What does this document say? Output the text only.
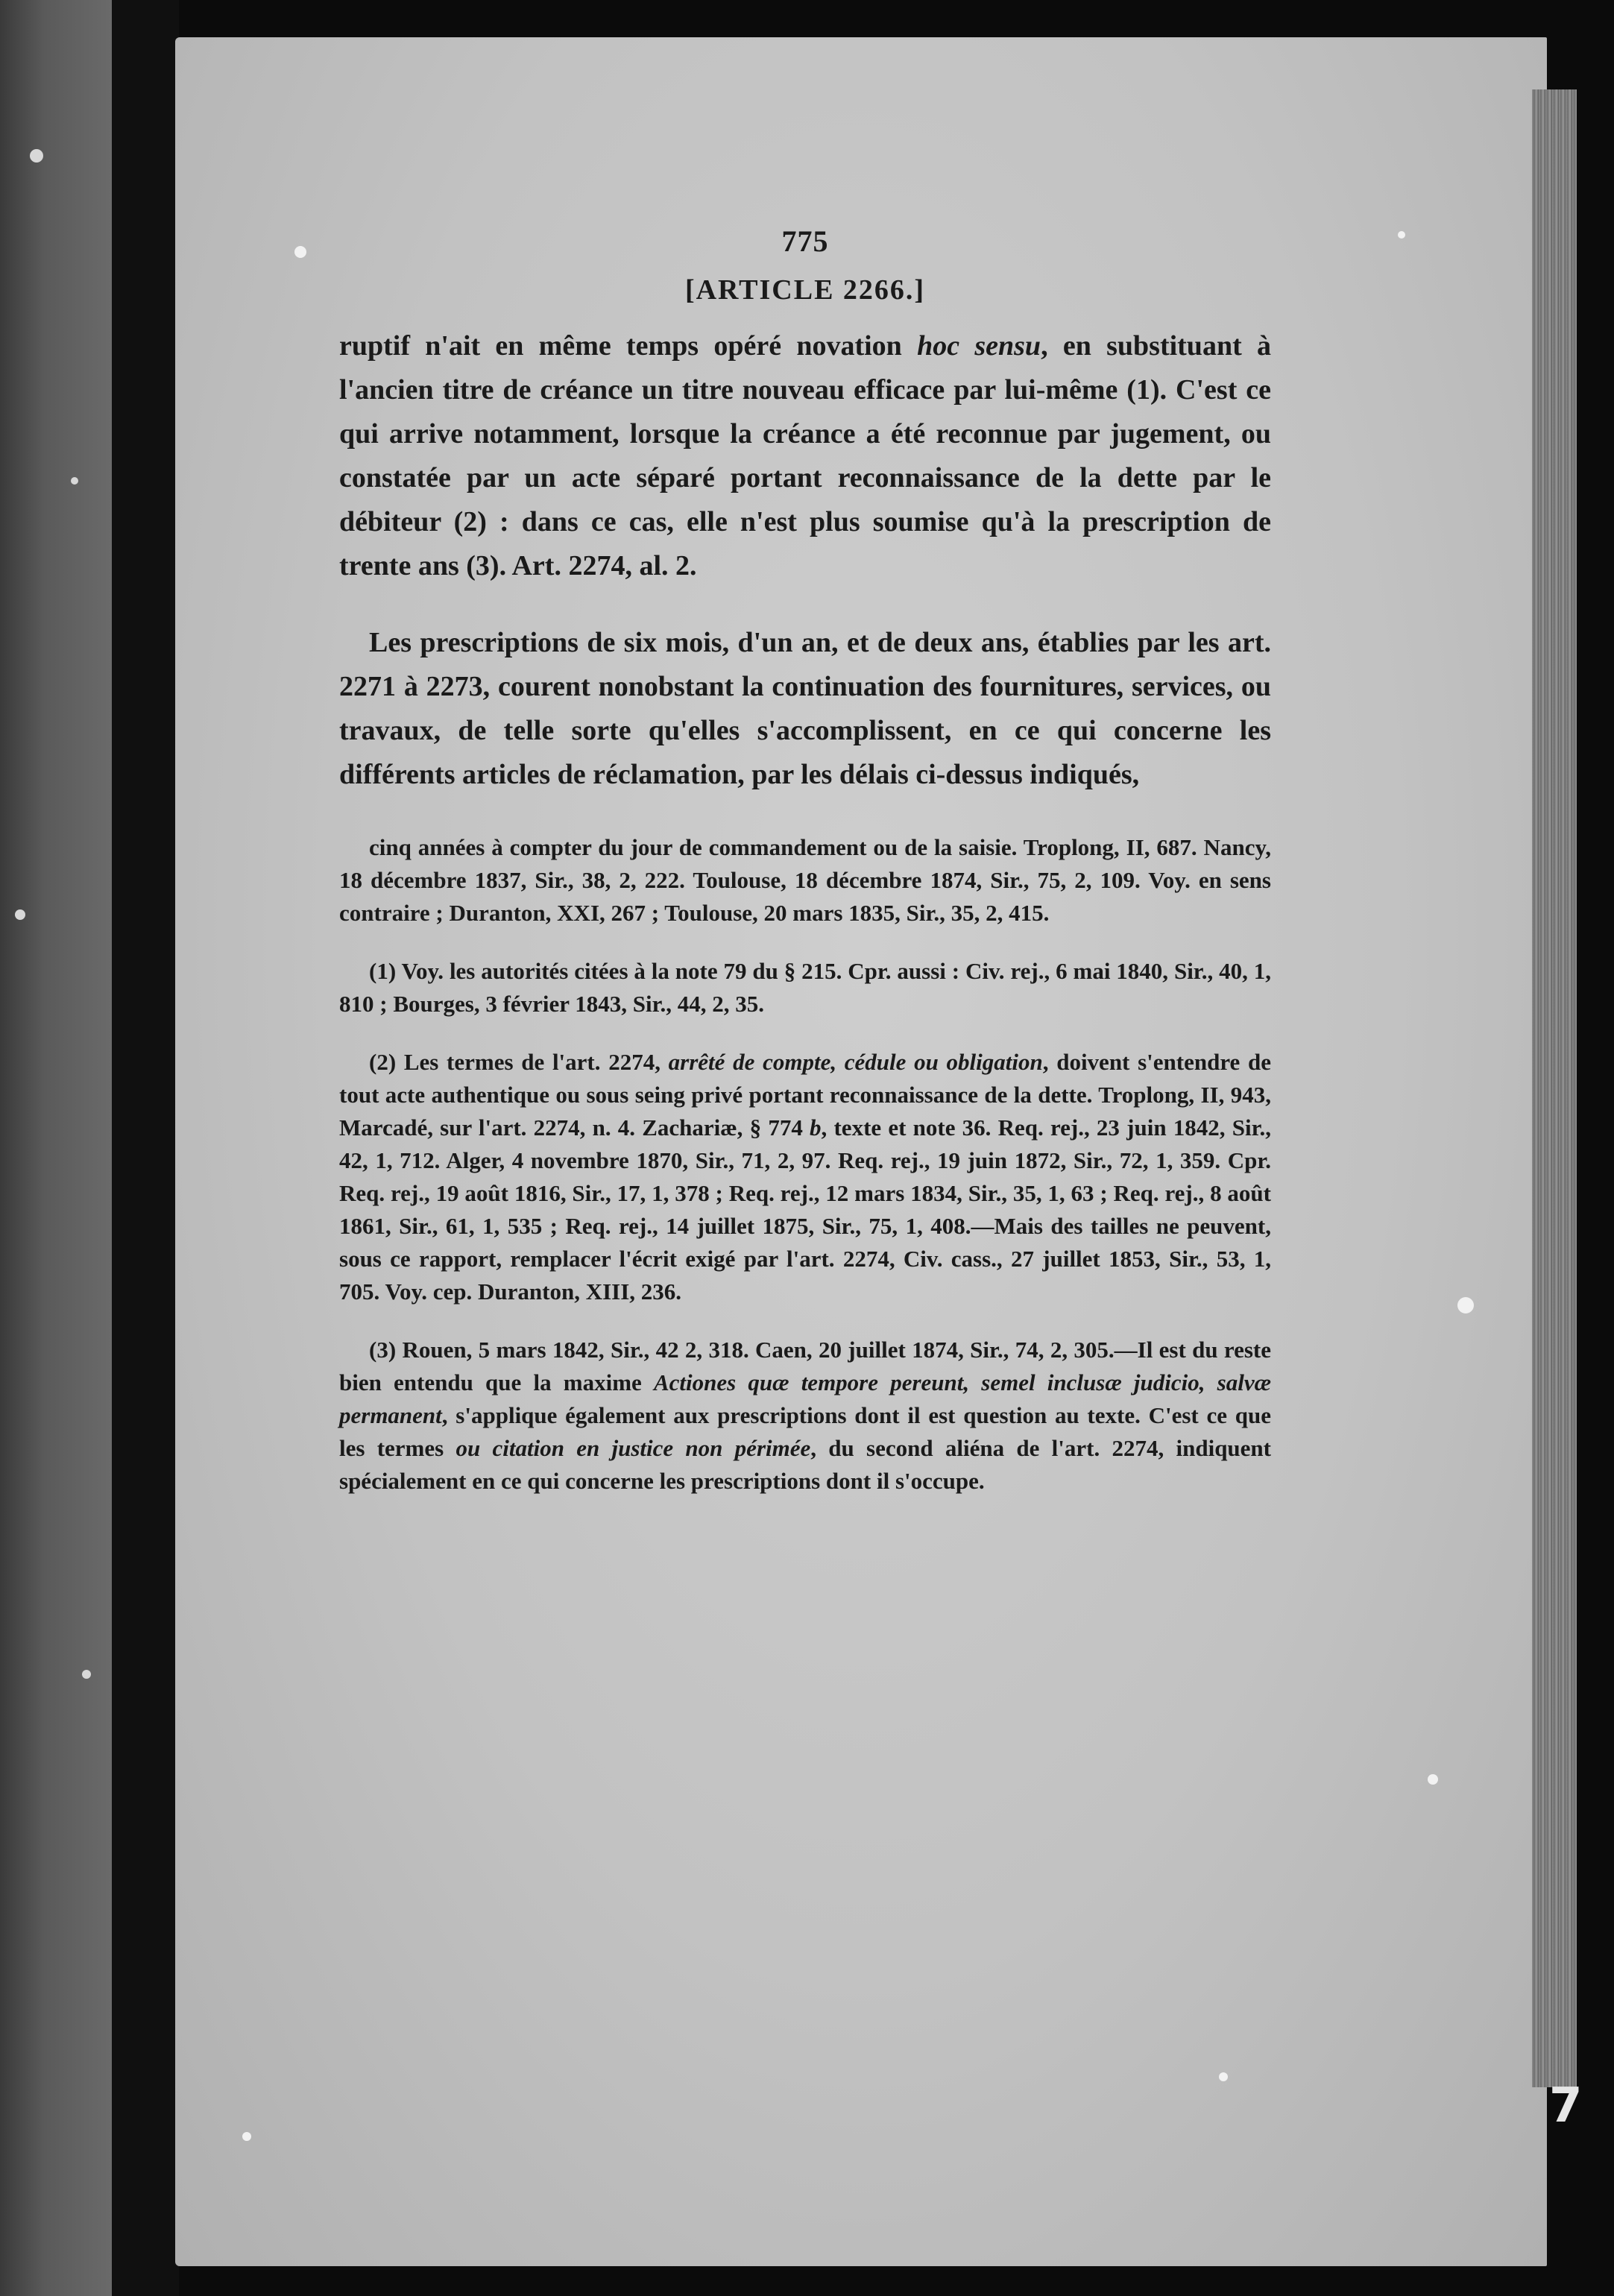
775
[ARTICLE 2266.]

ruptif n'ait en même temps opéré novation hoc sensu, en substituant à l'ancien titre de créance un titre nouveau efficace par lui-même (1). C'est ce qui arrive notamment, lorsque la créance a été reconnue par jugement, ou constatée par un acte séparé portant reconnaissance de la dette par le débiteur (2) : dans ce cas, elle n'est plus soumise qu'à la prescription de trente ans (3). Art. 2274, al. 2.

Les prescriptions de six mois, d'un an, et de deux ans, établies par les art. 2271 à 2273, courent nonobstant la continuation des fournitures, services, ou travaux, de telle sorte qu'elles s'accomplissent, en ce qui concerne les différents articles de réclamation, par les délais ci-dessus indiqués,

cinq années à compter du jour de commandement ou de la saisie. Troplong, II, 687. Nancy, 18 décembre 1837, Sir., 38, 2, 222. Toulouse, 18 décembre 1874, Sir., 75, 2, 109. Voy. en sens contraire ; Duranton, XXI, 267 ; Toulouse, 20 mars 1835, Sir., 35, 2, 415.

(1) Voy. les autorités citées à la note 79 du § 215. Cpr. aussi : Civ. rej., 6 mai 1840, Sir., 40, 1, 810 ; Bourges, 3 février 1843, Sir., 44, 2, 35.

(2) Les termes de l'art. 2274, arrêté de compte, cédule ou obligation, doivent s'entendre de tout acte authentique ou sous seing privé portant reconnaissance de la dette. Troplong, II, 943, Marcadé, sur l'art. 2274, n. 4. Zachariæ, § 774 b, texte et note 36. Req. rej., 23 juin 1842, Sir., 42, 1, 712. Alger, 4 novembre 1870, Sir., 71, 2, 97. Req. rej., 19 juin 1872, Sir., 72, 1, 359. Cpr. Req. rej., 19 août 1816, Sir., 17, 1, 378 ; Req. rej., 12 mars 1834, Sir., 35, 1, 63 ; Req. rej., 8 août 1861, Sir., 61, 1, 535 ; Req. rej., 14 juillet 1875, Sir., 75, 1, 408.—Mais des tailles ne peuvent, sous ce rapport, remplacer l'écrit exigé par l'art. 2274, Civ. cass., 27 juillet 1853, Sir., 53, 1, 705. Voy. cep. Duranton, XIII, 236.

(3) Rouen, 5 mars 1842, Sir., 42 2, 318. Caen, 20 juillet 1874, Sir., 74, 2, 305.—Il est du reste bien entendu que la maxime Actiones quæ tempore pereunt, semel inclusæ judicio, salvæ permanent, s'applique également aux prescriptions dont il est question au texte. C'est ce que les termes ou citation en justice non périmée, du second aliéna de l'art. 2274, indiquent spécialement en ce qui concerne les prescriptions dont il s'occupe.

7
